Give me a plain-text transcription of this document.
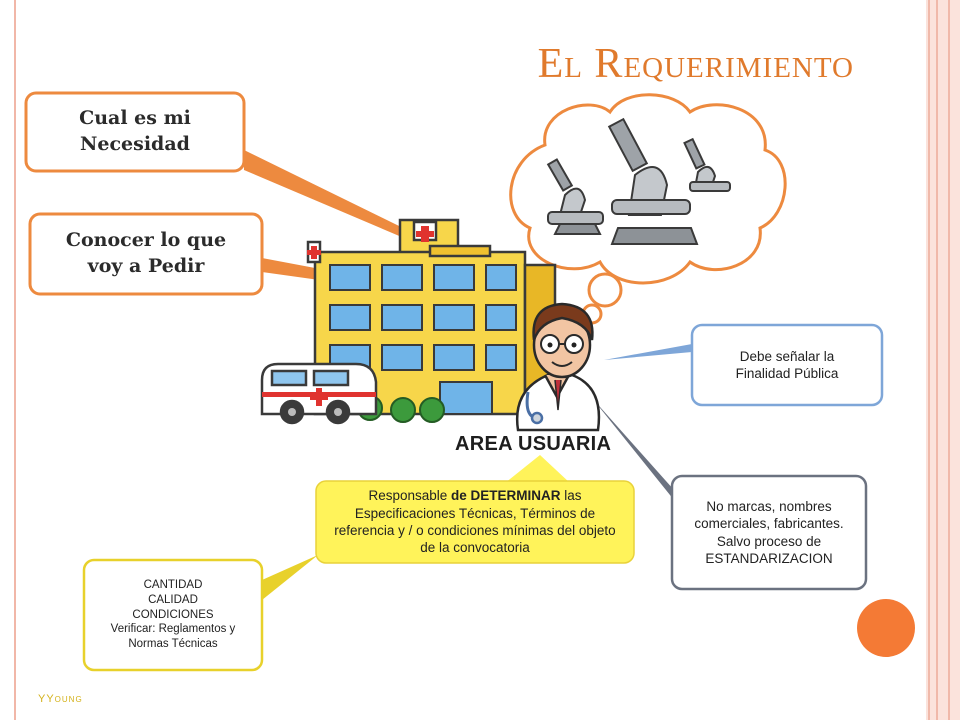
El Requerimiento
Cual es mi Necesidad
Conocer lo que voy a Pedir
Debe señalar la Finalidad Pública
No marcas, nombres comerciales, fabricantes. Salvo proceso de ESTANDARIZACION
Responsable de DETERMINAR las Especificaciones Técnicas, Términos de referencia y / o condiciones mínimas del objeto de la convocatoria
CANTIDAD
CALIDAD
CONDICIONES
Verificar: Reglamentos y Normas Técnicas
AREA USUARIA
YYoung
